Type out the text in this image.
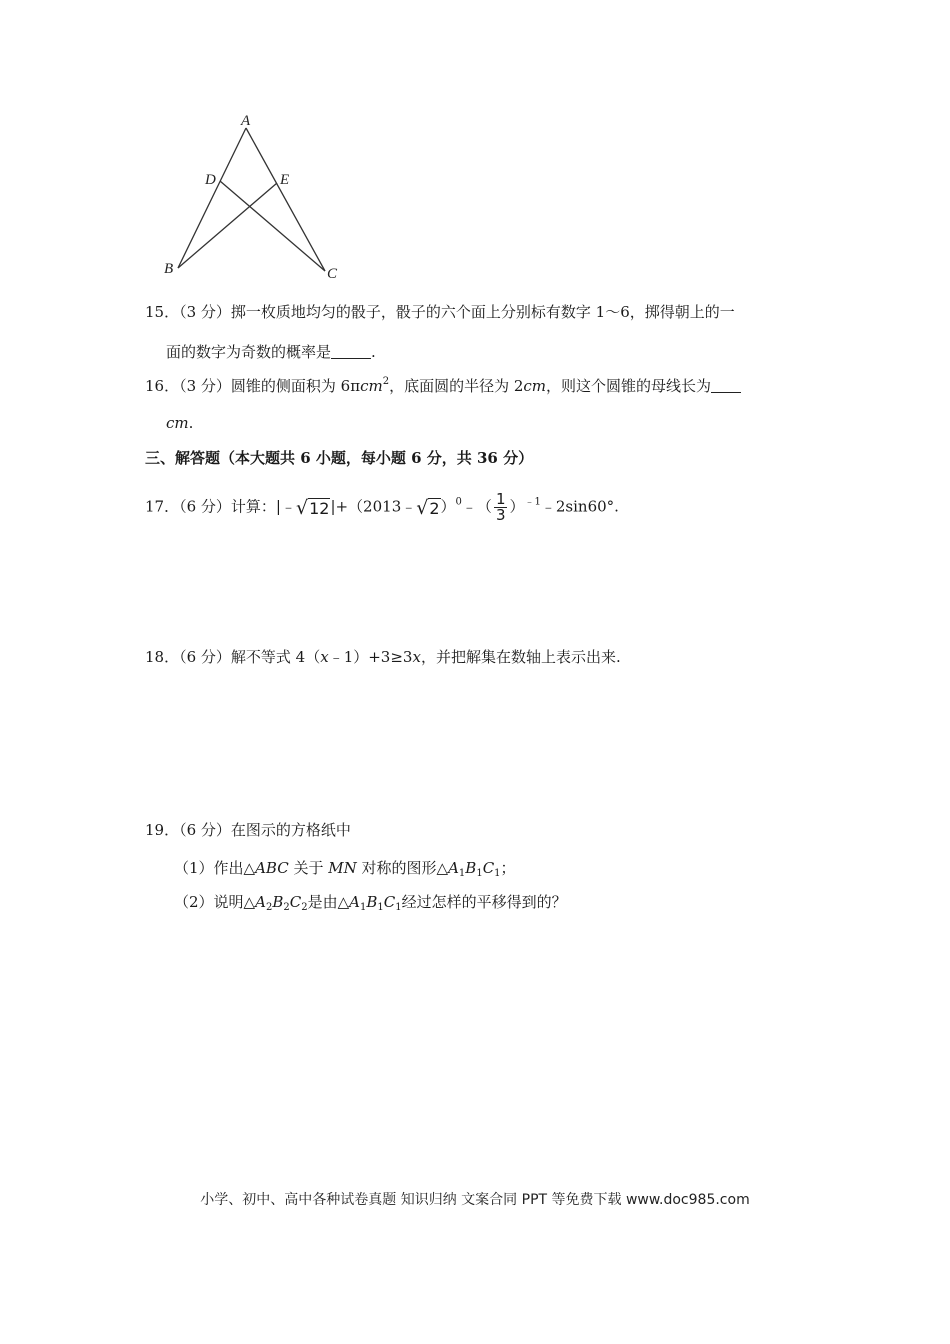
A
D	E
B	C
15．（3 分）掷一枚质地均匀的骰子，骰子的六个面上分别标有数字 1～6，掷得朝上的一
面的数字为奇数的概率是	.
16．（3 分）圆锥的侧面积为 6πcm$^2$，底面圆的半径为 2cm，则这个圆锥的母线长为
cm.
三、解答题（本大题共 6 小题，每小题 6 分，共 36 分）
17．（6 分）计算：|﹣√12|+（2013﹣√2）$^0$﹣（ $\frac{1}{3}$ ）$^{﹣1}$﹣2sin60°.
18．（6 分）解不等式 4（x﹣1）+3≥3x，并把解集在数轴上表示出来.
19．（6 分）在图示的方格纸中
（1）作出△ABC 关于 MN 对称的图形$\triangle A_1B_1C_1$；
（2）说明$\triangle A_2B_2C_2$是由$\triangle A_1B_1C_1$经过怎样的平移得到的？
小学、初中、高中各种试卷真题 知识归纳 文案合同 PPT 等免费下载 www.doc985.com
